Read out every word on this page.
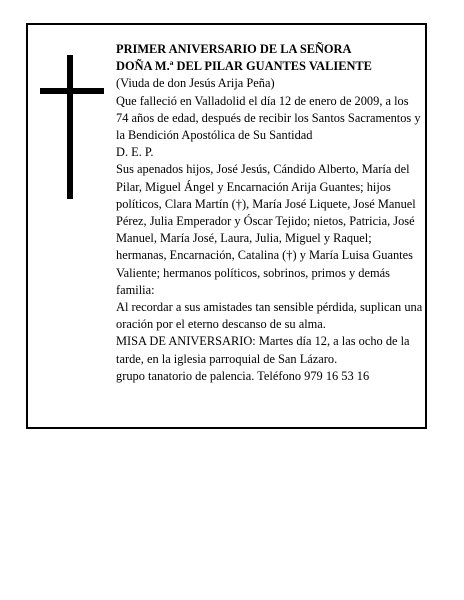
PRIMER ANIVERSARIO DE LA SEÑORA

DOÑA M.ª DEL PILAR GUANTES VALIENTE

(Viuda de don Jesús Arija Peña)

Que falleció en Valladolid el día 12 de enero de 2009, a los 74 años de edad, después de recibir los Santos Sacramentos y la Bendición Apostólica de Su Santidad

D. E. P.

Sus apenados hijos, José Jesús, Cándido Alberto, María del Pilar, Miguel Ángel y Encarnación Arija Guantes; hijos políticos, Clara Martín (†), María José Liquete, José Manuel Pérez, Julia Emperador y Óscar Tejido; nietos, Patricia, José Manuel, María José, Laura, Julia, Miguel y Raquel; hermanas, Encarnación, Catalina (†) y María Luisa Guantes Valiente; hermanos políticos, sobrinos, primos y demás familia:

Al recordar a sus amistades tan sensible pérdida, suplican una oración por el eterno descanso de su alma.

MISA DE ANIVERSARIO: Martes día 12, a las ocho de la tarde, en la iglesia parroquial de San Lázaro.

grupo tanatorio de palencia. Teléfono 979 16 53 16
